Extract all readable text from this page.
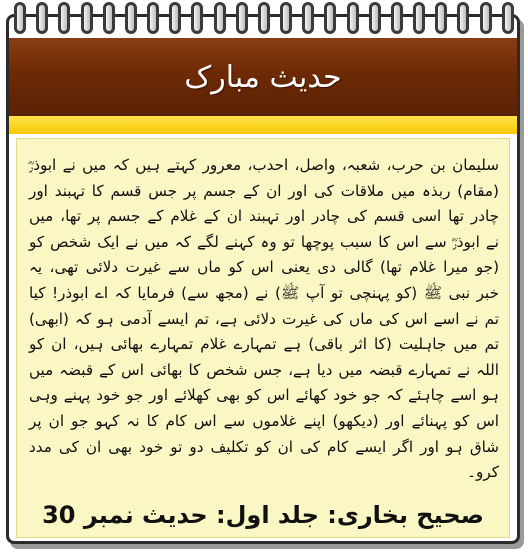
حدیث مبارک

سلیمان بن حرب، شعبہ، واصل، احدب، معرور کہتے ہیں کہ میں نے ابوذرؓ (مقام) ربذہ میں ملاقات کی اور ان کے جسم پر جس قسم کا تہبند اور چادر تھا اسی قسم کی چادر اور تہبند ان کے غلام کے جسم پر تھا، میں نے ابوذرؓ سے اس کا سبب پوچھا تو وہ کہنے لگے کہ میں نے ایک شخص کو (جو میرا غلام تھا) گالی دی یعنی اس کو ماں سے غیرت دلائی تھی، یہ خبر نبی ﷺ (کو پہنچی تو آپ ﷺ) نے (مجھ سے) فرمایا کہ اے ابوذر! کیا تم نے اسے اس کی ماں کی غیرت دلائی ہے، تم ایسے آدمی ہو کہ (ابھی) تم میں جاہلیت (کا اثر باقی) ہے تمہارے غلام تمہارے بھائی ہیں، ان کو اللہ نے تمہارے قبضہ میں دیا ہے، جس شخص کا بھائی اس کے قبضہ میں ہو اسے چاہئے کہ جو خود کھائے اس کو بھی کھلائے اور جو خود پہنے وہی اس کو پہنائے اور (دیکھو) اپنے غلاموں سے اس کام کا نہ کہو جو ان پر شاق ہو اور اگر ایسے کام کی ان کو تکلیف دو تو خود بھی ان کی مدد کرو۔

صحیح بخاری: جلد اول: حدیث نمبر 30
